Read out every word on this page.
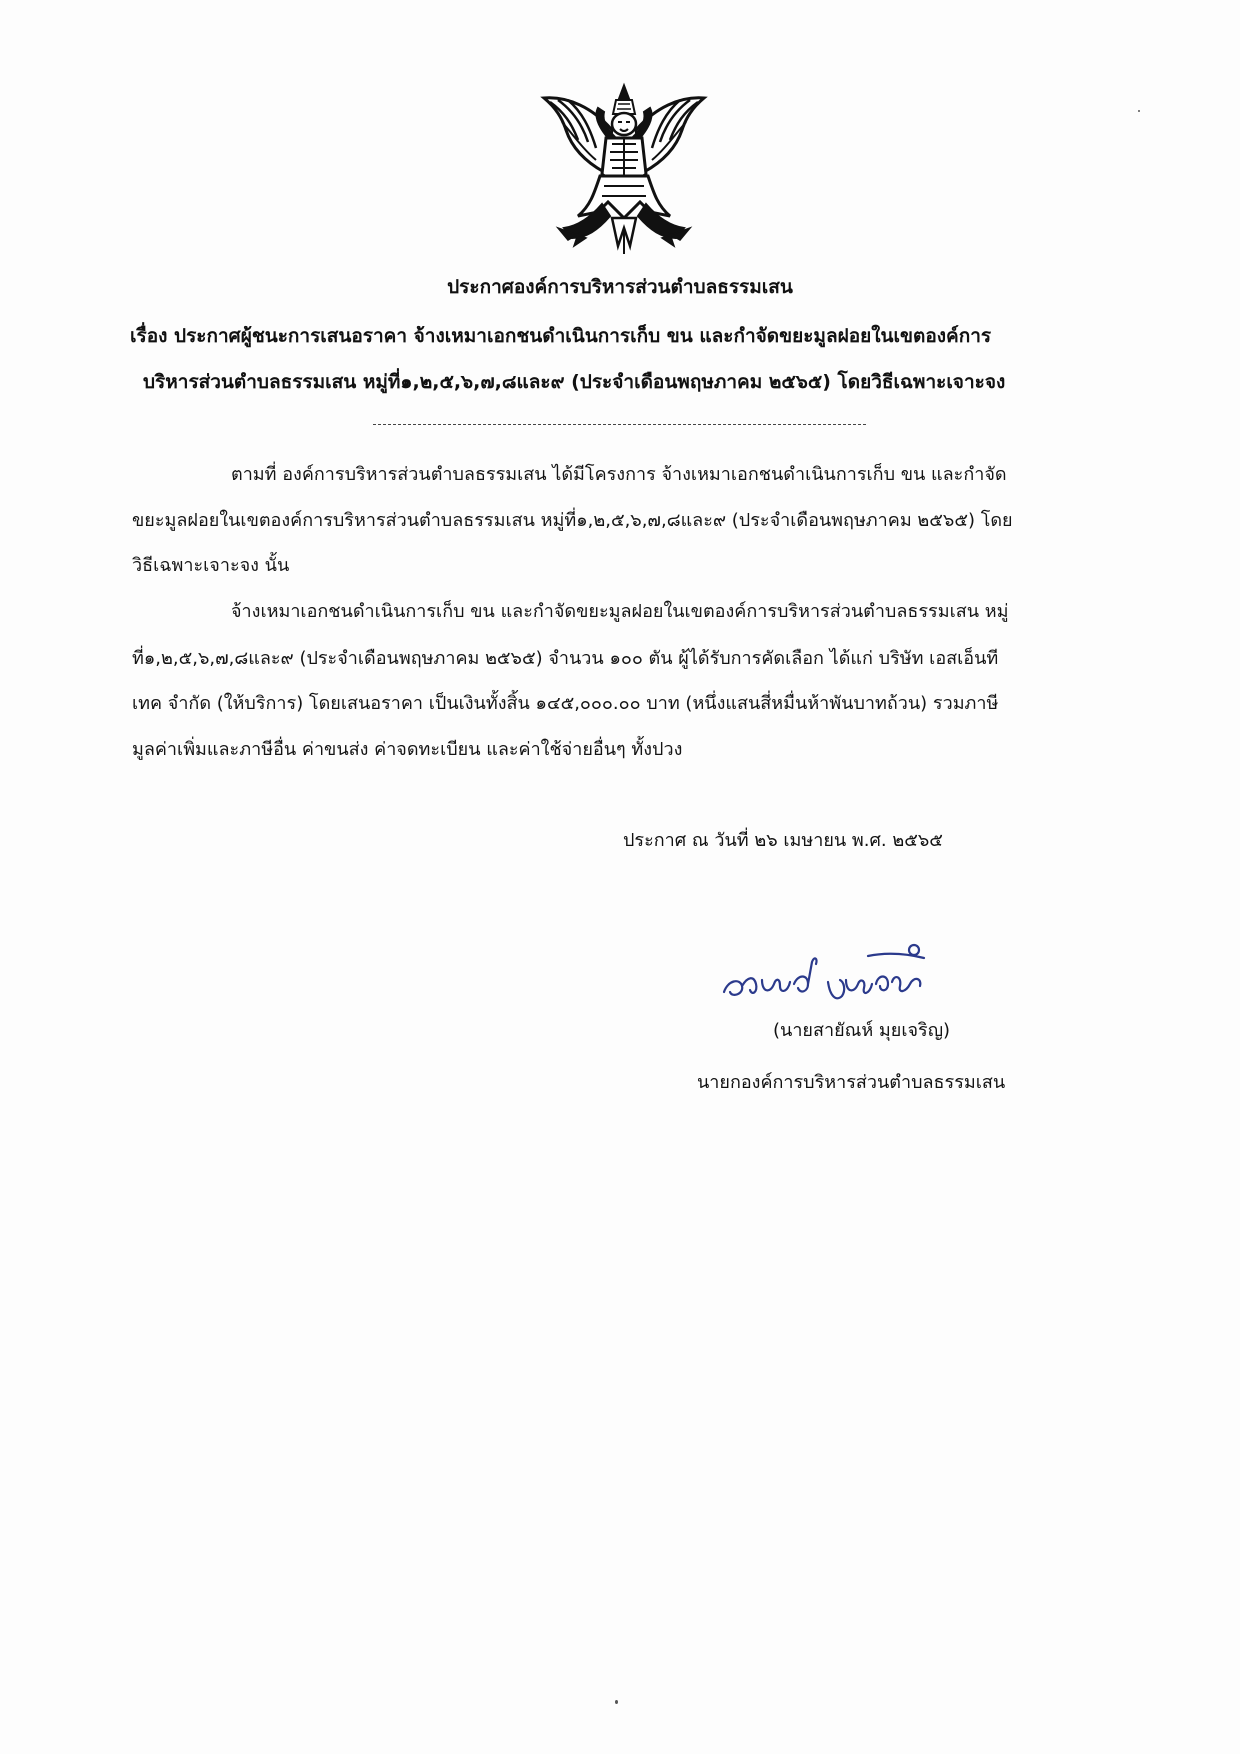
ประกาศองค์การบริหารส่วนตำบลธรรมเสน
เรื่อง ประกาศผู้ชนะการเสนอราคา จ้างเหมาเอกชนดำเนินการเก็บ ขน และกำจัดขยะมูลฝอยในเขตองค์การ
บริหารส่วนตำบลธรรมเสน หมู่ที่๑,๒,๕,๖,๗,๘และ๙ (ประจำเดือนพฤษภาคม ๒๕๖๕) โดยวิธีเฉพาะเจาะจง
ตามที่ องค์การบริหารส่วนตำบลธรรมเสน ได้มีโครงการ จ้างเหมาเอกชนดำเนินการเก็บ ขน และกำจัด
ขยะมูลฝอยในเขตองค์การบริหารส่วนตำบลธรรมเสน หมู่ที่๑,๒,๕,๖,๗,๘และ๙ (ประจำเดือนพฤษภาคม ๒๕๖๕) โดย
วิธีเฉพาะเจาะจง นั้น
จ้างเหมาเอกชนดำเนินการเก็บ ขน และกำจัดขยะมูลฝอยในเขตองค์การบริหารส่วนตำบลธรรมเสน หมู่
ที่๑,๒,๕,๖,๗,๘และ๙ (ประจำเดือนพฤษภาคม ๒๕๖๕) จำนวน ๑๐๐ ตัน ผู้ได้รับการคัดเลือก ได้แก่ บริษัท เอสเอ็นที
เทค จำกัด (ให้บริการ) โดยเสนอราคา เป็นเงินทั้งสิ้น ๑๔๕,๐๐๐.๐๐ บาท (หนึ่งแสนสี่หมื่นห้าพันบาทถ้วน) รวมภาษี
มูลค่าเพิ่มและภาษีอื่น ค่าขนส่ง ค่าจดทะเบียน และค่าใช้จ่ายอื่นๆ ทั้งปวง
ประกาศ ณ วันที่ ๒๖ เมษายน พ.ศ. ๒๕๖๕
(นายสายัณห์ มุยเจริญ)
นายกองค์การบริหารส่วนตำบลธรรมเสน
